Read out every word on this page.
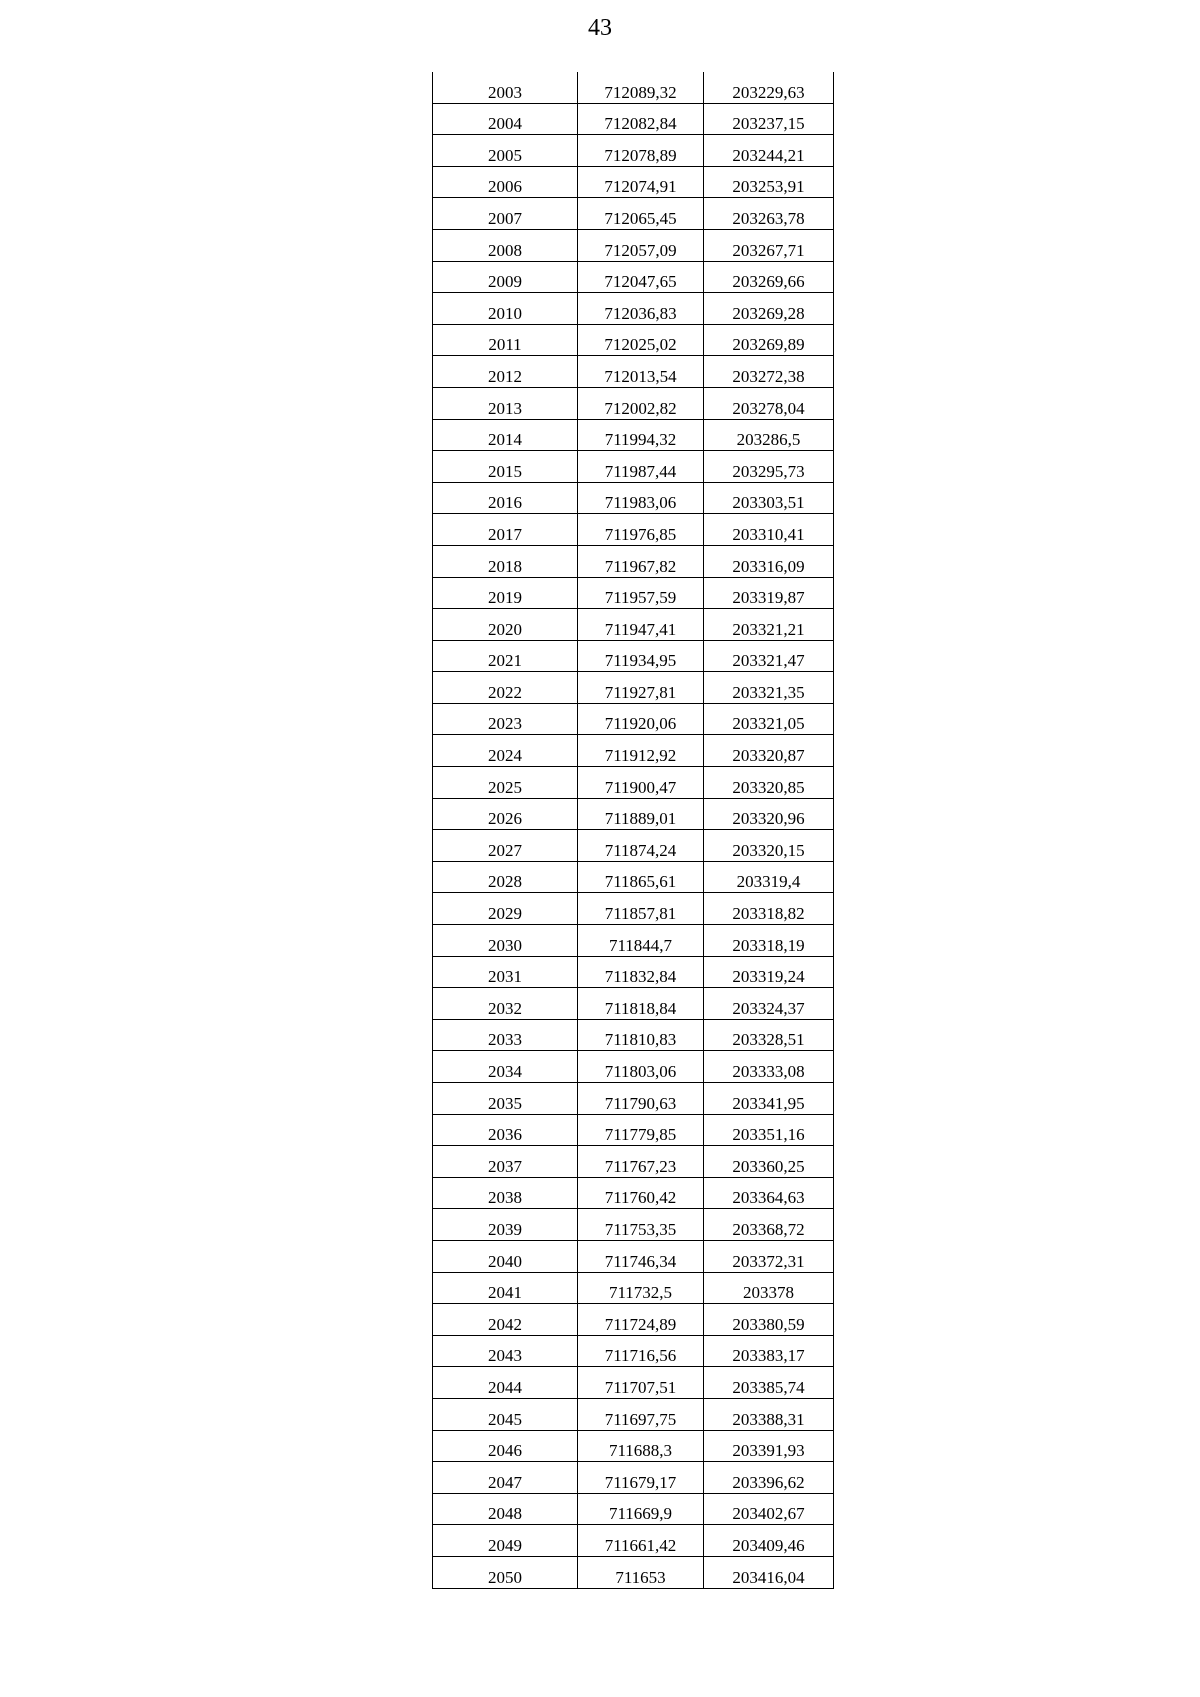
43
2003	712089,32	203229,63
2004	712082,84	203237,15
2005	712078,89	203244,21
2006	712074,91	203253,91
2007	712065,45	203263,78
2008	712057,09	203267,71
2009	712047,65	203269,66
2010	712036,83	203269,28
2011	712025,02	203269,89
2012	712013,54	203272,38
2013	712002,82	203278,04
2014	711994,32	203286,5
2015	711987,44	203295,73
2016	711983,06	203303,51
2017	711976,85	203310,41
2018	711967,82	203316,09
2019	711957,59	203319,87
2020	711947,41	203321,21
2021	711934,95	203321,47
2022	711927,81	203321,35
2023	711920,06	203321,05
2024	711912,92	203320,87
2025	711900,47	203320,85
2026	711889,01	203320,96
2027	711874,24	203320,15
2028	711865,61	203319,4
2029	711857,81	203318,82
2030	711844,7	203318,19
2031	711832,84	203319,24
2032	711818,84	203324,37
2033	711810,83	203328,51
2034	711803,06	203333,08
2035	711790,63	203341,95
2036	711779,85	203351,16
2037	711767,23	203360,25
2038	711760,42	203364,63
2039	711753,35	203368,72
2040	711746,34	203372,31
2041	711732,5	203378
2042	711724,89	203380,59
2043	711716,56	203383,17
2044	711707,51	203385,74
2045	711697,75	203388,31
2046	711688,3	203391,93
2047	711679,17	203396,62
2048	711669,9	203402,67
2049	711661,42	203409,46
2050	711653	203416,04
